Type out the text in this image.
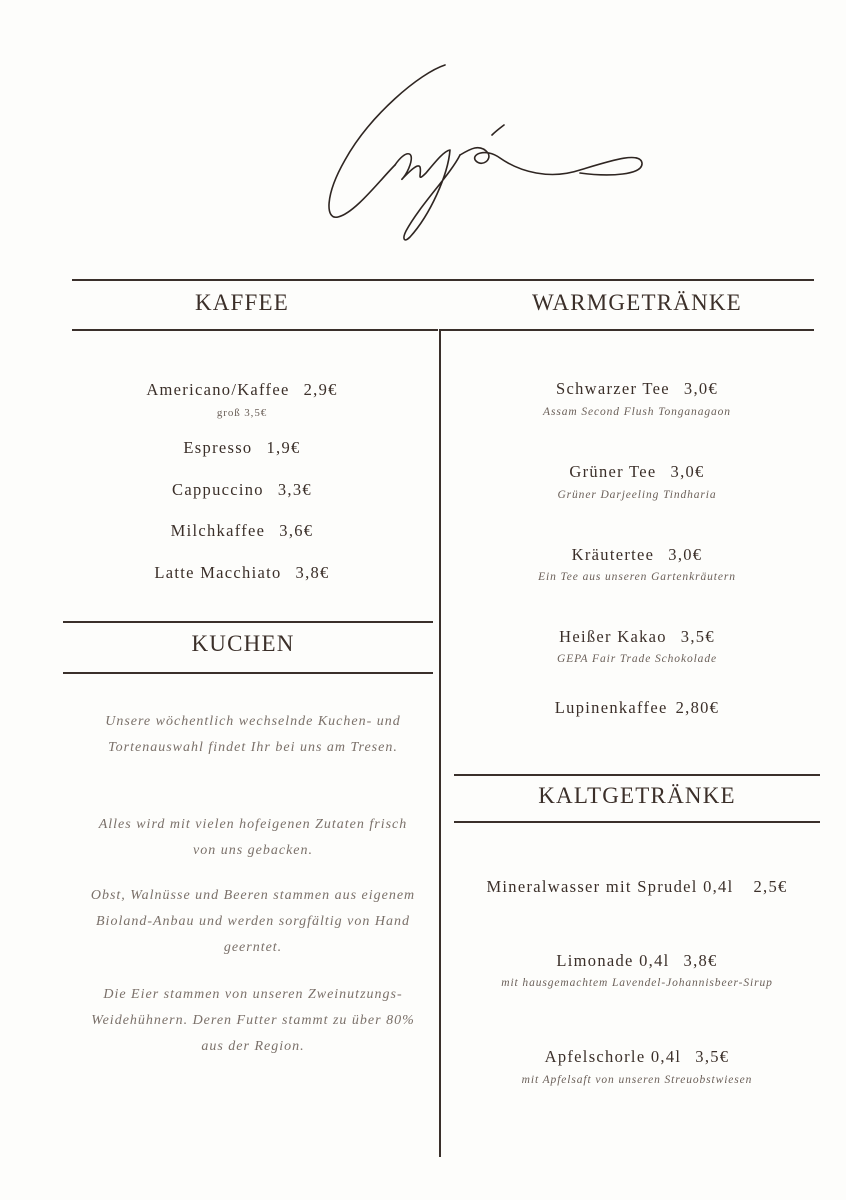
KAFFEE	WARMGETRÄNKE
KUCHEN
KALTGETRÄNKE
Americano/Kaffee 2,9€
groß 3,5€
Espresso 1,9€
Cappuccino 3,3€
Milchkaffee 3,6€
Latte Macchiato 3,8€
Unsere wöchentlich wechselnde Kuchen- und Tortenauswahl findet Ihr bei uns am Tresen.
Alles wird mit vielen hofeigenen Zutaten frisch von uns gebacken.
Obst, Walnüsse und Beeren stammen aus eigenem Bioland-Anbau und werden sorgfältig von Hand geerntet.
Die Eier stammen von unseren Zweinutzungs-Weidehühnern. Deren Futter stammt zu über 80% aus der Region.
Schwarzer Tee 3,0€
Assam Second Flush Tonganagaon
Grüner Tee 3,0€
Grüner Darjeeling Tindharia
Kräutertee 3,0€
Ein Tee aus unseren Gartenkräutern
Heißer Kakao 3,5€
GEPA Fair Trade Schokolade
Lupinenkaffee 2,80€
Mineralwasser mit Sprudel 0,4l 2,5€
Limonade 0,4l 3,8€
mit hausgemachtem Lavendel-Johannisbeer-Sirup
Apfelschorle 0,4l 3,5€
mit Apfelsaft von unseren Streuobstwiesen
